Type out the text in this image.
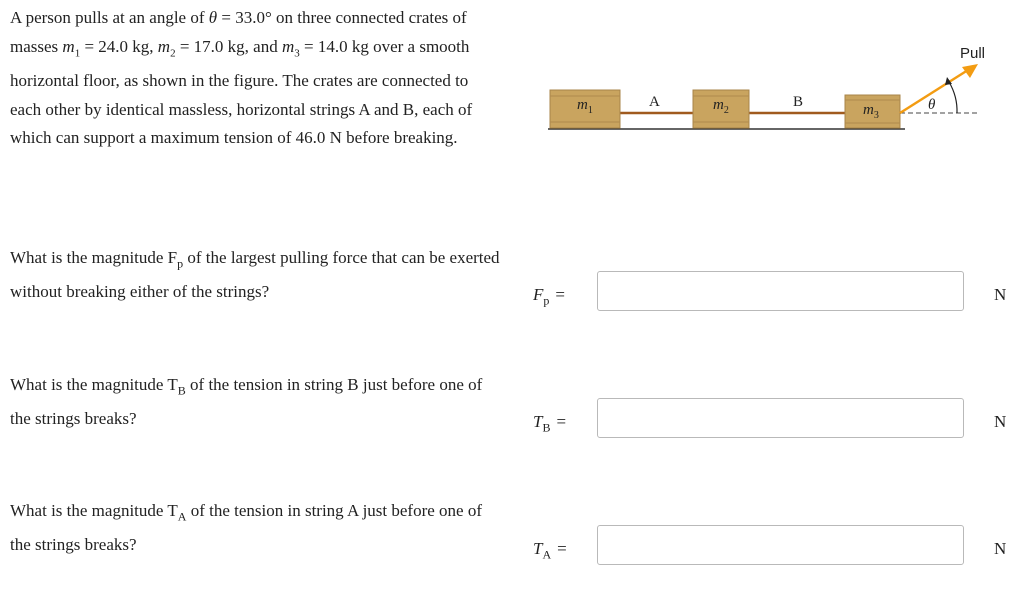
A person pulls at an angle of θ = 33.0° on three connected crates of masses $m_1 = 24.0$ kg, $m_2 = 17.0$ kg, and $m_3 = 14.0$ kg over a smooth horizontal floor, as shown in the figure. The crates are connected to each other by identical massless, horizontal strings A and B, each of which can support a maximum tension of 46.0 N before breaking.

$m_1$	$m_2$	$m_3$
A	B
Pull
θ

What is the magnitude $F_p$ of the largest pulling force that can be exerted without breaking either of the strings?	$F_p$ =	N

What is the magnitude $T_B$ of the tension in string B just before one of the strings breaks?	$T_B$ =	N

What is the magnitude $T_A$ of the tension in string A just before one of the strings breaks?	$T_A$ =	N
